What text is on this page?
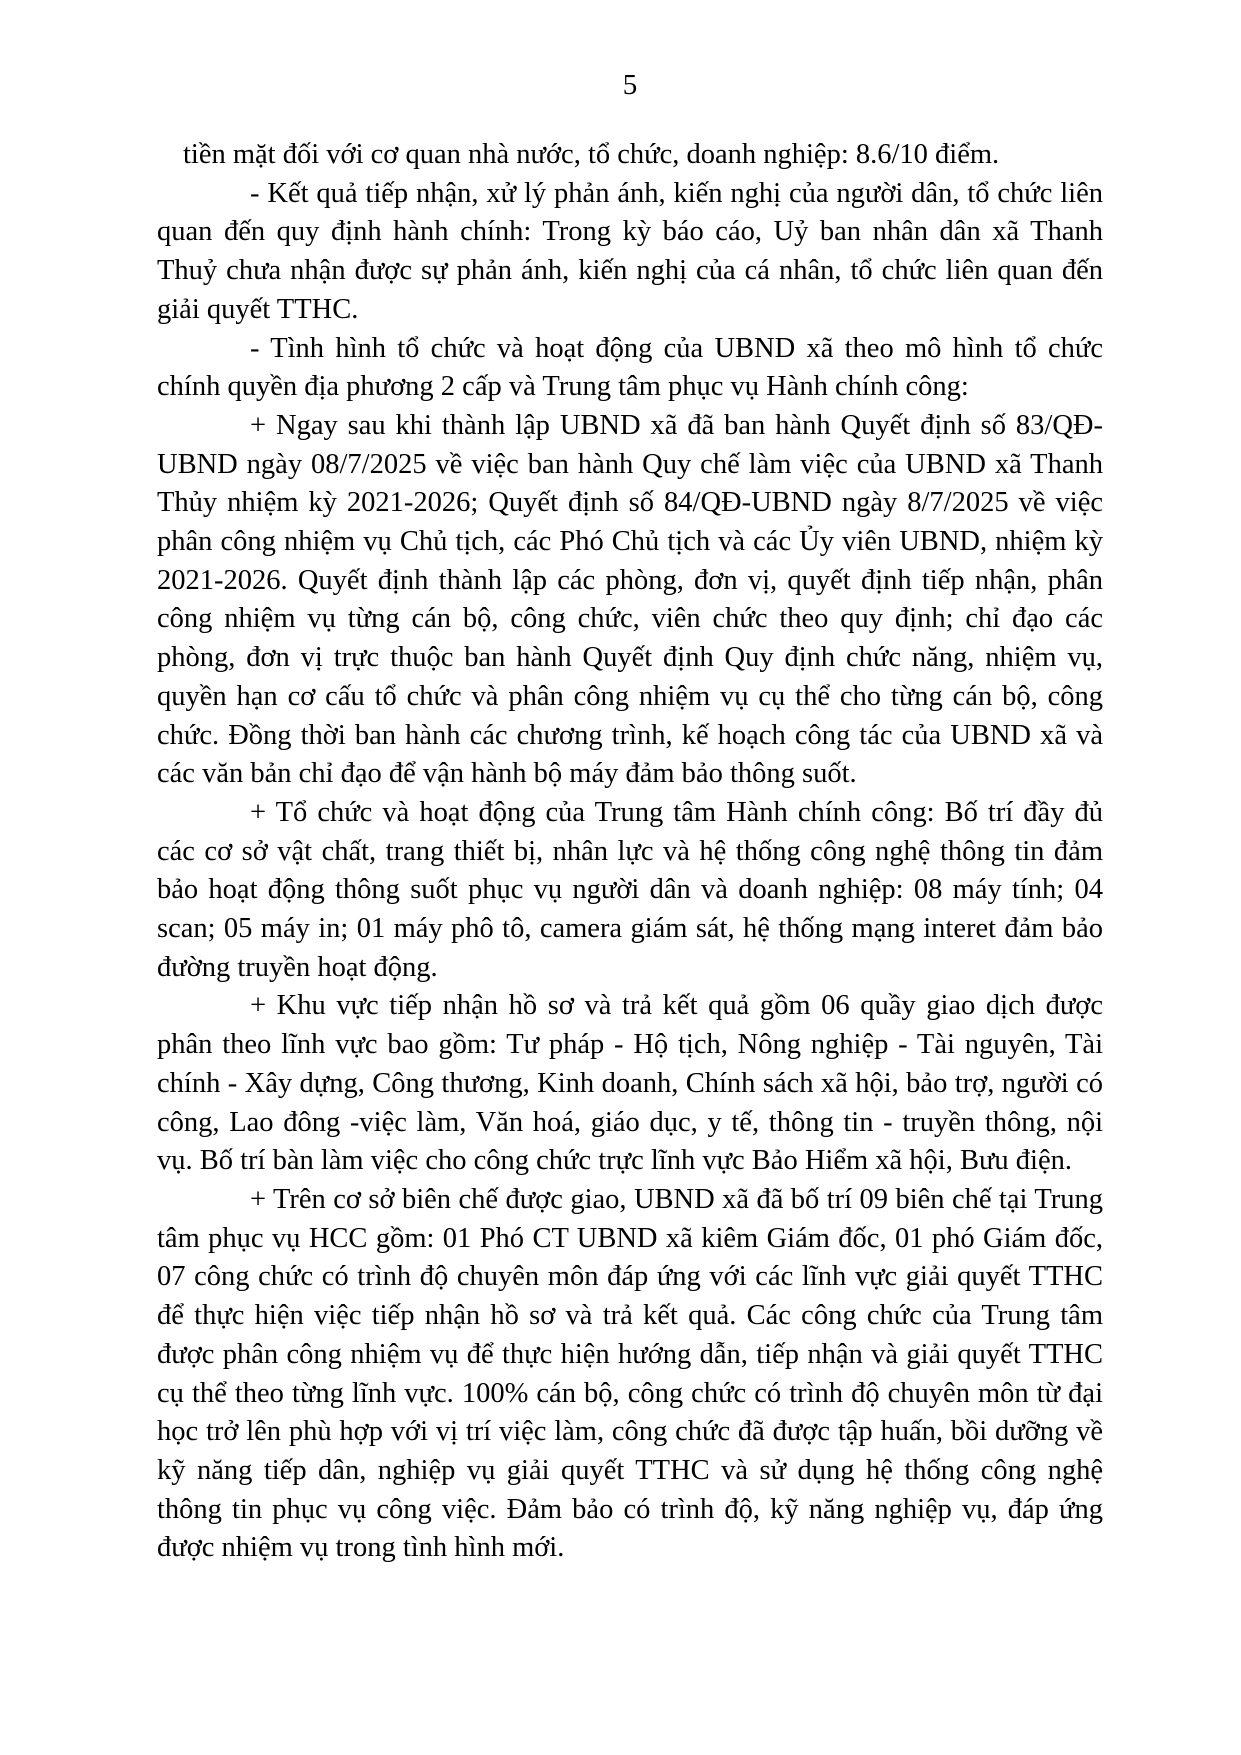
5

tiền mặt đối với cơ quan nhà nước, tổ chức, doanh nghiệp: 8.6/10 điểm.

- Kết quả tiếp nhận, xử lý phản ánh, kiến nghị của người dân, tổ chức liên quan đến quy định hành chính: Trong kỳ báo cáo, Uỷ ban nhân dân xã Thanh Thuỷ chưa nhận được sự phản ánh, kiến nghị của cá nhân, tổ chức liên quan đến giải quyết TTHC.

- Tình hình tổ chức và hoạt động của UBND xã theo mô hình tổ chức chính quyền địa phương 2 cấp và Trung tâm phục vụ Hành chính công:

+ Ngay sau khi thành lập UBND xã đã ban hành Quyết định số 83/QĐ-UBND ngày 08/7/2025 về việc ban hành Quy chế làm việc của UBND xã Thanh Thủy nhiệm kỳ 2021-2026; Quyết định số 84/QĐ-UBND ngày 8/7/2025 về việc phân công nhiệm vụ Chủ tịch, các Phó Chủ tịch và các Ủy viên UBND, nhiệm kỳ 2021-2026. Quyết định thành lập các phòng, đơn vị, quyết định tiếp nhận, phân công nhiệm vụ từng cán bộ, công chức, viên chức theo quy định; chỉ đạo các phòng, đơn vị trực thuộc ban hành Quyết định Quy định chức năng, nhiệm vụ, quyền hạn cơ cấu tổ chức và phân công nhiệm vụ cụ thể cho từng cán bộ, công chức. Đồng thời ban hành các chương trình, kế hoạch công tác của UBND xã và các văn bản chỉ đạo để vận hành bộ máy đảm bảo thông suốt.

+ Tổ chức và hoạt động của Trung tâm Hành chính công: Bố trí đầy đủ các cơ sở vật chất, trang thiết bị, nhân lực và hệ thống công nghệ thông tin đảm bảo hoạt động thông suốt phục vụ người dân và doanh nghiệp: 08 máy tính; 04 scan; 05 máy in; 01 máy phô tô, camera giám sát, hệ thống mạng interet đảm bảo đường truyền hoạt động.

+ Khu vực tiếp nhận hồ sơ và trả kết quả gồm 06 quầy giao dịch được phân theo lĩnh vực bao gồm: Tư pháp - Hộ tịch, Nông nghiệp - Tài nguyên, Tài chính - Xây dựng, Công thương, Kinh doanh, Chính sách xã hội, bảo trợ, người có công, Lao đông -việc làm, Văn hoá, giáo dục, y tế, thông tin - truyền thông, nội vụ. Bố trí bàn làm việc cho công chức trực lĩnh vực Bảo Hiểm xã hội, Bưu điện.

+ Trên cơ sở biên chế được giao, UBND xã đã bố trí 09 biên chế tại Trung tâm phục vụ HCC gồm: 01 Phó CT UBND xã kiêm Giám đốc, 01 phó Giám đốc, 07 công chức có trình độ chuyên môn đáp ứng với các lĩnh vực giải quyết TTHC để thực hiện việc tiếp nhận hồ sơ và trả kết quả. Các công chức của Trung tâm được phân công nhiệm vụ để thực hiện hướng dẫn, tiếp nhận và giải quyết TTHC cụ thể theo từng lĩnh vực. 100% cán bộ, công chức có trình độ chuyên môn từ đại học trở lên phù hợp với vị trí việc làm, công chức đã được tập huấn, bồi dưỡng về kỹ năng tiếp dân, nghiệp vụ giải quyết TTHC và sử dụng hệ thống công nghệ thông tin phục vụ công việc. Đảm bảo có trình độ, kỹ năng nghiệp vụ, đáp ứng được nhiệm vụ trong tình hình mới.
